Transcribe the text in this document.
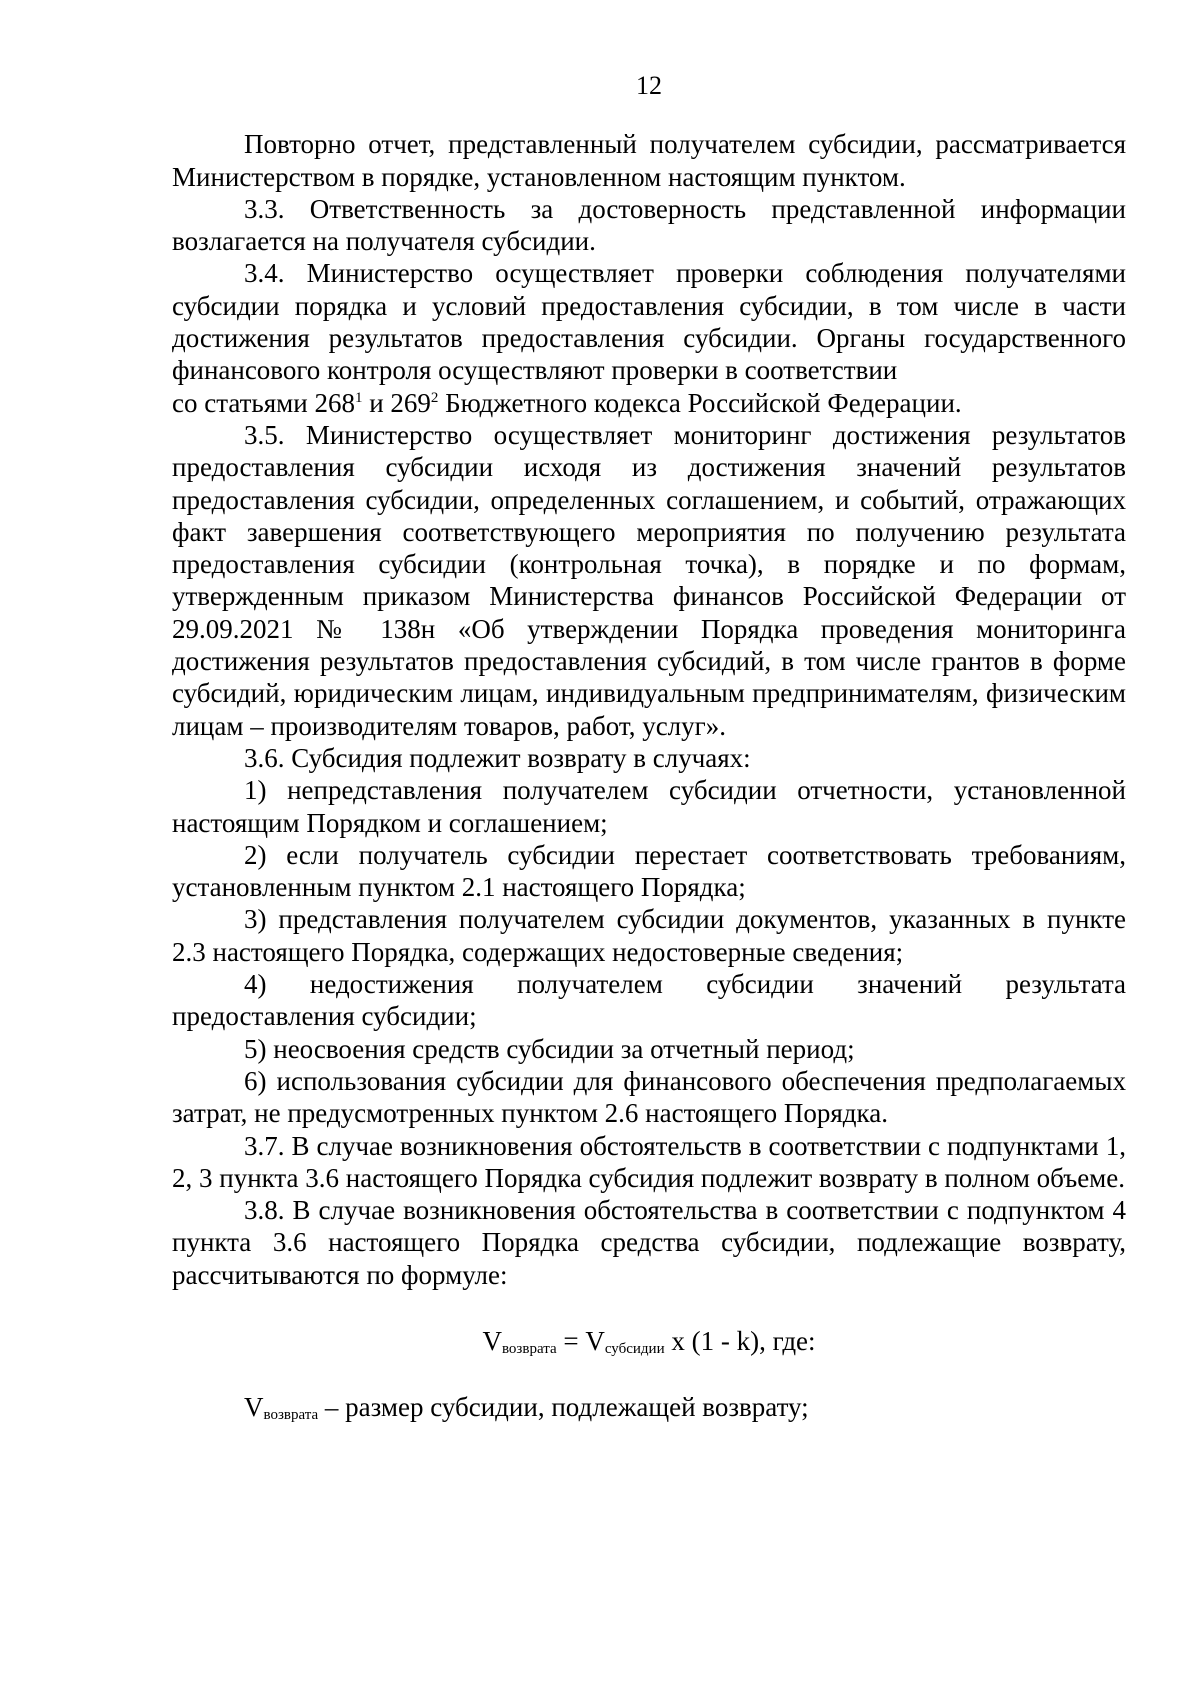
12

Повторно отчет, представленный получателем субсидии, рассматривается Министерством в порядке, установленном настоящим пунктом.

3.3. Ответственность за достоверность представленной информации возлагается на получателя субсидии.

3.4. Министерство осуществляет проверки соблюдения получателями субсидии порядка и условий предоставления субсидии, в том числе в части достижения результатов предоставления субсидии. Органы государственного финансового контроля осуществляют проверки в соответствии

со статьями $268^1$ и $269^2$ Бюджетного кодекса Российской Федерации.

3.5. Министерство осуществляет мониторинг достижения результатов предоставления субсидии исходя из достижения значений результатов предоставления субсидии, определенных соглашением, и событий, отражающих факт завершения соответствующего мероприятия по получению результата предоставления субсидии (контрольная точка), в порядке и по формам, утвержденным приказом Министерства финансов Российской Федерации от 29.09.2021 № 138н «Об утверждении Порядка проведения мониторинга достижения результатов предоставления субсидий, в том числе грантов в форме субсидий, юридическим лицам, индивидуальным предпринимателям, физическим лицам – производителям товаров, работ, услуг».

3.6. Субсидия подлежит возврату в случаях:

1) непредставления получателем субсидии отчетности, установленной настоящим Порядком и соглашением;

2) если получатель субсидии перестает соответствовать требованиям, установленным пунктом 2.1 настоящего Порядка;

3) представления получателем субсидии документов, указанных в пункте 2.3 настоящего Порядка, содержащих недостоверные сведения;

4) недостижения получателем субсидии значений результата предоставления субсидии;

5) неосвоения средств субсидии за отчетный период;

6) использования субсидии для финансового обеспечения предполагаемых затрат, не предусмотренных пунктом 2.6 настоящего Порядка.

3.7. В случае возникновения обстоятельств в соответствии с подпунктами 1, 2, 3 пункта 3.6 настоящего Порядка субсидия подлежит возврату в полном объеме.

3.8. В случае возникновения обстоятельства в соответствии с подпунктом 4 пункта 3.6 настоящего Порядка средства субсидии, подлежащие возврату, рассчитываются по формуле:

$V_{возврата} = V_{субсидии}$ x (1 - k), где:

$V_{возврата}$ – размер субсидии, подлежащей возврату;
